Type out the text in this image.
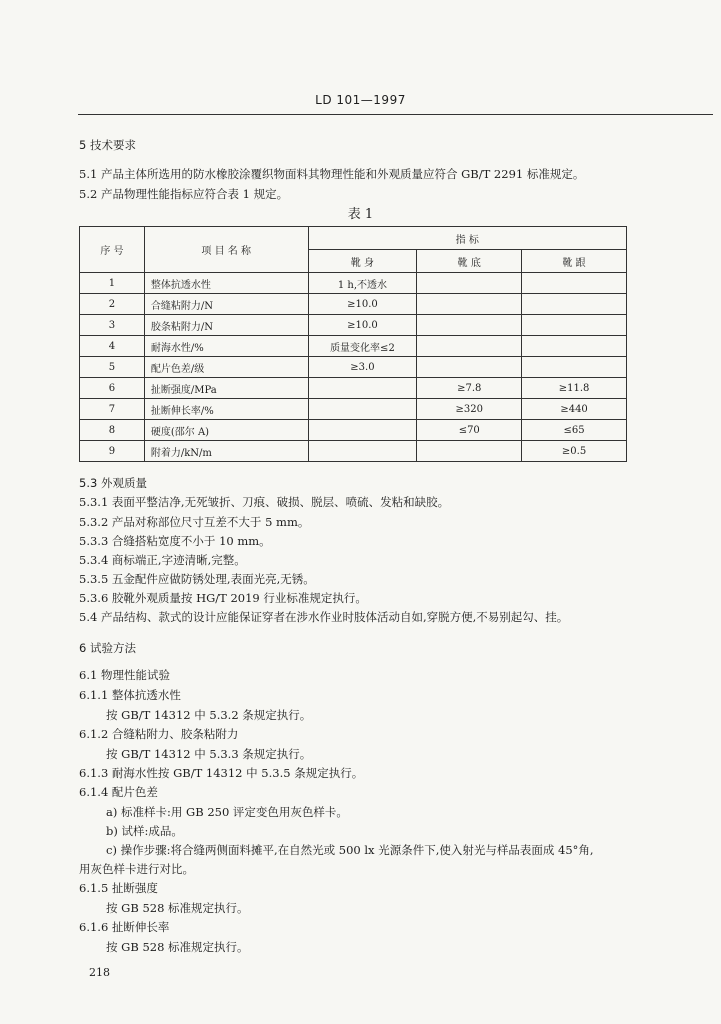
LD 101—1997
5 技术要求
5.1 产品主体所选用的防水橡胶涂覆织物面料其物理性能和外观质量应符合 GB/T 2291 标准规定。
5.2 产品物理性能指标应符合表 1 规定。
表 1
序 号	项 目 名 称	指 标		
		靴 身	靴 底	靴 跟
1	整体抗透水性	1 h,不透水		
2	合缝粘附力/N	≥10.0		
3	胶条粘附力/N	≥10.0		
4	耐海水性/%	质量变化率≤2		
5	配片色差/级	≥3.0		
6	扯断强度/MPa		≥7.8	≥11.8
7	扯断伸长率/%		≥320	≥440
8	硬度(邵尔 A)		≤70	≤65
9	附着力/kN/m			≥0.5
5.3 外观质量
5.3.1 表面平整洁净,无死皱折、刀痕、破损、脱层、喷硫、发粘和缺胶。
5.3.2 产品对称部位尺寸互差不大于 5 mm。
5.3.3 合缝搭粘宽度不小于 10 mm。
5.3.4 商标端正,字迹清晰,完整。
5.3.5 五金配件应做防锈处理,表面光亮,无锈。
5.3.6 胶靴外观质量按 HG/T 2019 行业标准规定执行。
5.4 产品结构、款式的设计应能保证穿者在涉水作业时肢体活动自如,穿脱方便,不易别起勾、挂。
6 试验方法
6.1 物理性能试验
6.1.1 整体抗透水性
按 GB/T 14312 中 5.3.2 条规定执行。
6.1.2 合缝粘附力、胶条粘附力
按 GB/T 14312 中 5.3.3 条规定执行。
6.1.3 耐海水性按 GB/T 14312 中 5.3.5 条规定执行。
6.1.4 配片色差
a) 标准样卡:用 GB 250 评定变色用灰色样卡。
b) 试样:成品。
c) 操作步骤:将合缝两侧面料摊平,在自然光或 500 lx 光源条件下,使入射光与样品表面成 45°角,
用灰色样卡进行对比。
6.1.5 扯断强度
按 GB 528 标准规定执行。
6.1.6 扯断伸长率
按 GB 528 标准规定执行。
218
